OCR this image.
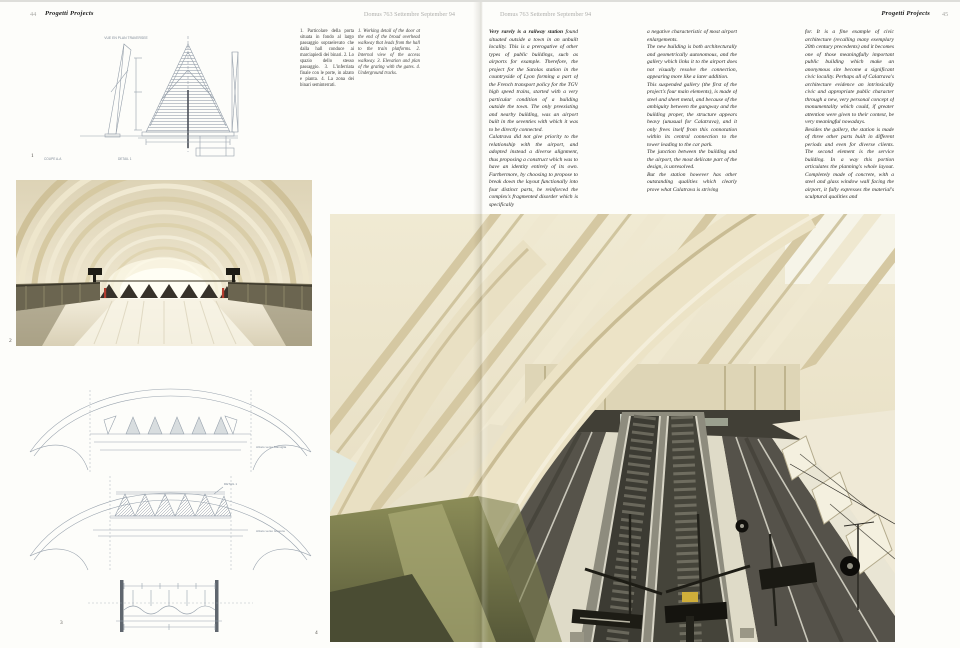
44 Progetti Projects	Domus 763 Settembre September 94	Domus 763 Settembre September 94	Progetti Projects 45
VUE EN PLAN TRAVERSEE
COUPE A-A	DETAIL 1
1
1. Particolare della porta situata in fondo al largo passaggio sopraelevato che dalla hall conduce ai marciapiedi dei binari. 2. Lo spazio dello stesso passaggio. 3. L'inferriata finale con le porte, in alzato e pianta. 4. La zona dei binari seminterrati.
1. Working detail of the door at the end of the broad overhead walkway that leads from the hall to the train platforms. 2. Internal view of the access walkway. 3. Elevation and plan of the grating with the gates. 4. Underground tracks.

Very rarely is a railway station found situated outside a town in an unbuilt locality. This is a prerogative of other types of public buildings, such as airports for example. Therefore, the project for the Satolas station in the countryside of Lyon forming a part of the French transport policy for the TGV high speed trains, started with a very particular condition of a building outside the town. The only preexisting and nearby building, was an airport built in the seventies with which it was to be directly connected.

Calatrava did not give priority to the relationship with the airport, and adopted instead a diverse alignment, thus proposing a construct which was to have an identity entirely of its own. Furthermore, by choosing to propose to break down the layout functionally into four distinct parts, he reinforced the complex's fragmented disorder which is specifically

a negative characteristic of most airport enlargements.

The new building is both architecturally and geometrically autonomous, and the gallery which links it to the airport does not visually resolve the connection, appearing more like a later addition.

This suspended gallery (the first of the project's four main elements), is made of steel and sheet metal, and because of the ambiguity between the gangway and the building proper, the structure appears heavy (unusual for Calatrava), and it only frees itself from this connotation within its central connection to the tower leading to the car park.

The junction between the building and the airport, the most delicate part of the design, is unresolved.

But the station however has other outstanding qualities which clearly prove what Calatrava is striving

for. It is a fine example of civic architecture (recalling many exemplary 20th century precedents) and it becomes one of those meaningfully important public building which make an anonymous site become a significant civic locality. Perhaps all of Calatrava's architecture evidence an intrinsically civic and appropriate public character through a new, very personal concept of monumentality which could, if greater attention were given to their context, be very meaningful nowadays.

Besides the gallery, the station is made of three other parts built in different periods and even for diverse clients. The second element is the service building. In a way this portion articulates the planning's whole layout. Completely made of concrete, with a steel and glass window wall facing the airport, it fully expresses the material's sculptural qualities and

2
Alzato verso Marsiglia
DETAIL 1
Alzato verso Ginevra
3
4
